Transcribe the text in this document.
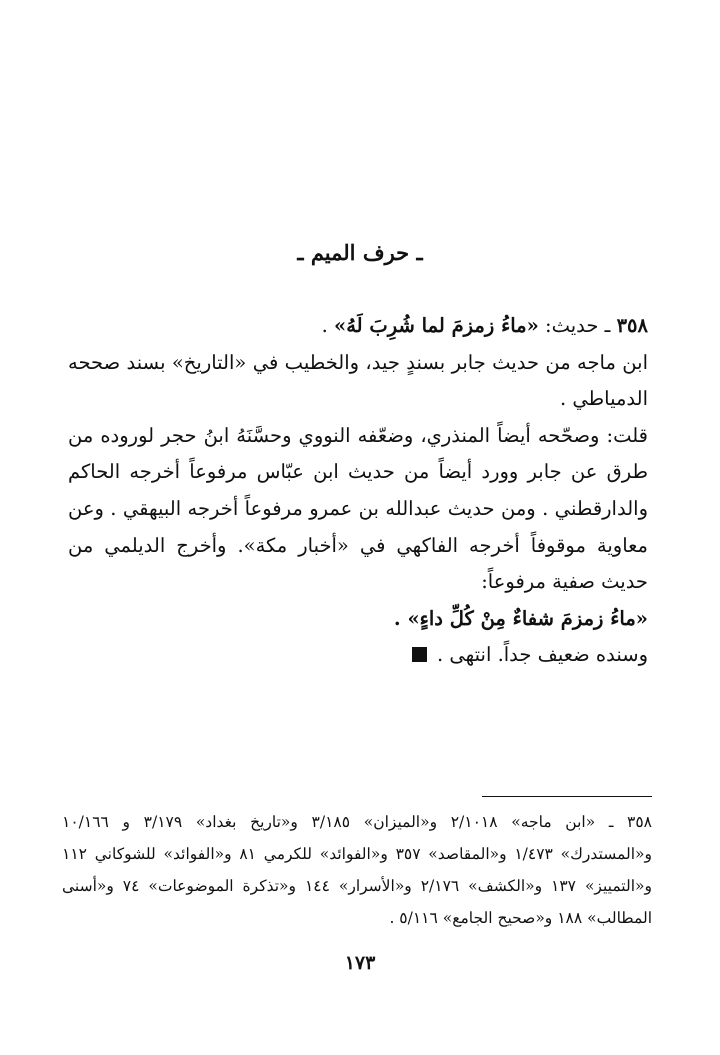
ـ حرف الميم ـ

٣٥٨ ـ حديث: «ماءُ زمزمَ لما شُرِبَ لَهُ» .

ابن ماجه من حديث جابر بسندٍ جيد، والخطيب في «التاريخ» بسند صححه الدمياطي .

قلت: وصحّحه أيضاً المنذري، وضعّفه النووي وحسَّنَهُ ابنُ حجر لوروده من طرق عن جابر وورد أيضاً من حديث ابن عبّاس مرفوعاً أخرجه الحاكم والدارقطني . ومن حديث عبدالله بن عمرو مرفوعاً أخرجه البيهقي . وعن معاوية موقوفاً أخرجه الفاكهي في «أخبار مكة». وأخرج الديلمي من حديث صفية مرفوعاً:

«ماءُ زمزمَ شفاءٌ مِنْ كُلِّ داءٍ» .

وسنده ضعيف جداً. انتهى .

٣٥٨ ـ «ابن ماجه» ٢/١٠١٨ و«الميزان» ٣/١٨٥ و«تاريخ بغداد» ٣/١٧٩ و ١٠/١٦٦ و«المستدرك» ١/٤٧٣ و«المقاصد» ٣٥٧ و«الفوائد» للكرمي ٨١ و«الفوائد» للشوكاني ١١٢ و«التمييز» ١٣٧ و«الكشف» ٢/١٧٦ و«الأسرار» ١٤٤ و«تذكرة الموضوعات» ٧٤ و«أسنى المطالب» ١٨٨ و«صحيح الجامع» ٥/١١٦ .
١٧٣
